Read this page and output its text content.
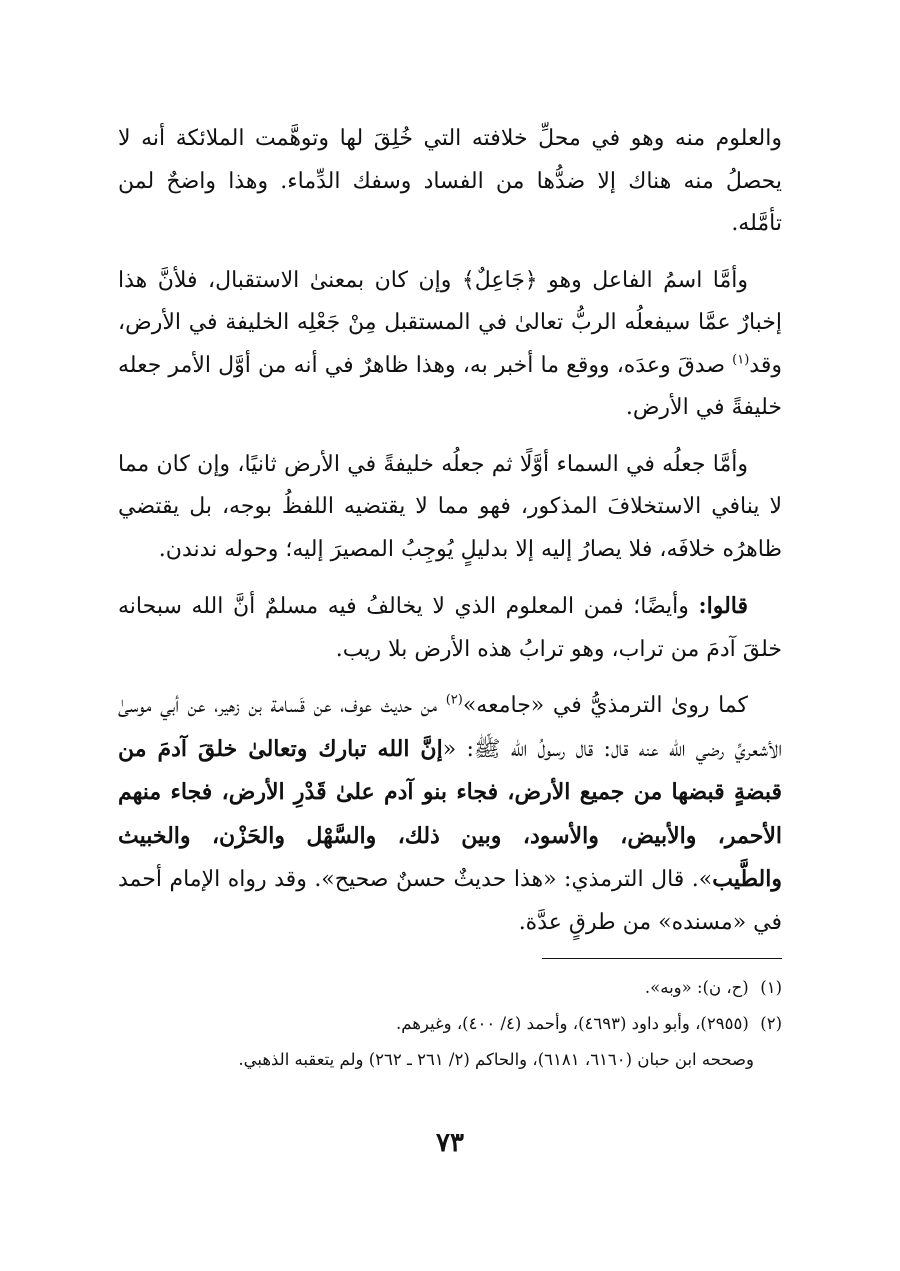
والعلوم منه وهو في محلِّ خلافته التي خُلِقَ لها وتوهَّمت الملائكة أنه لا يحصلُ منه هناك إلا ضدُّها من الفساد وسفك الدِّماء. وهذا واضحٌ لمن تأمَّله.

وأمَّا اسمُ الفاعل وهو ﴿جَاعِلٌ﴾ وإن كان بمعنىٰ الاستقبال، فلأنَّ هذا إخبارٌ عمَّا سيفعلُه الربُّ تعالىٰ في المستقبل مِنْ جَعْلِه الخليفة في الأرض، وقد$^{(١)}$ صدقَ وعدَه، ووقع ما أخبر به، وهذا ظاهرٌ في أنه من أوَّل الأمر جعله خليفةً في الأرض.

وأمَّا جعلُه في السماء أوَّلًا ثم جعلُه خليفةً في الأرض ثانيًا، وإن كان مما لا ينافي الاستخلافَ المذكور، فهو مما لا يقتضيه اللفظُ بوجه، بل يقتضي ظاهرُه خلافَه، فلا يصارُ إليه إلا بدليلٍ يُوجِبُ المصيرَ إليه؛ وحوله ندندن.

قالوا: وأيضًا؛ فمن المعلوم الذي لا يخالفُ فيه مسلمٌ أنَّ الله سبحانه خلقَ آدمَ من تراب، وهو ترابُ هذه الأرض بلا ريب.

كما روىٰ الترمذيُّ في «جامعه»$^{(٢)}$ من حديث عوف، عن قَسامة بن زهير، عن أبي موسىٰ الأشعريِّ رضي الله عنه قال: قال رسولُ الله ﷺ: «إنَّ الله تبارك وتعالىٰ خلقَ آدمَ من قبضةٍ قبضها من جميع الأرض، فجاء بنو آدم علىٰ قَدْرِ الأرض، فجاء منهم الأحمر، والأبيض، والأسود، وبين ذلك، والسَّهْل والحَزْن، والخبيث والطَّيب». قال الترمذي: «هذا حديثٌ حسنٌ صحيح». وقد رواه الإمام أحمد في «مسنده» من طرقٍ عدَّة.

(١) (ح، ن): «وبه».

(٢) (٢٩٥٥)، وأبو داود (٤٦٩٣)، وأحمد (٤/ ٤٠٠)، وغيرهم.

وصححه ابن حبان (٦١٦٠، ٦١٨١)، والحاكم (٢/ ٢٦١ ـ ٢٦٢) ولم يتعقبه الذهبي.

٧٣
